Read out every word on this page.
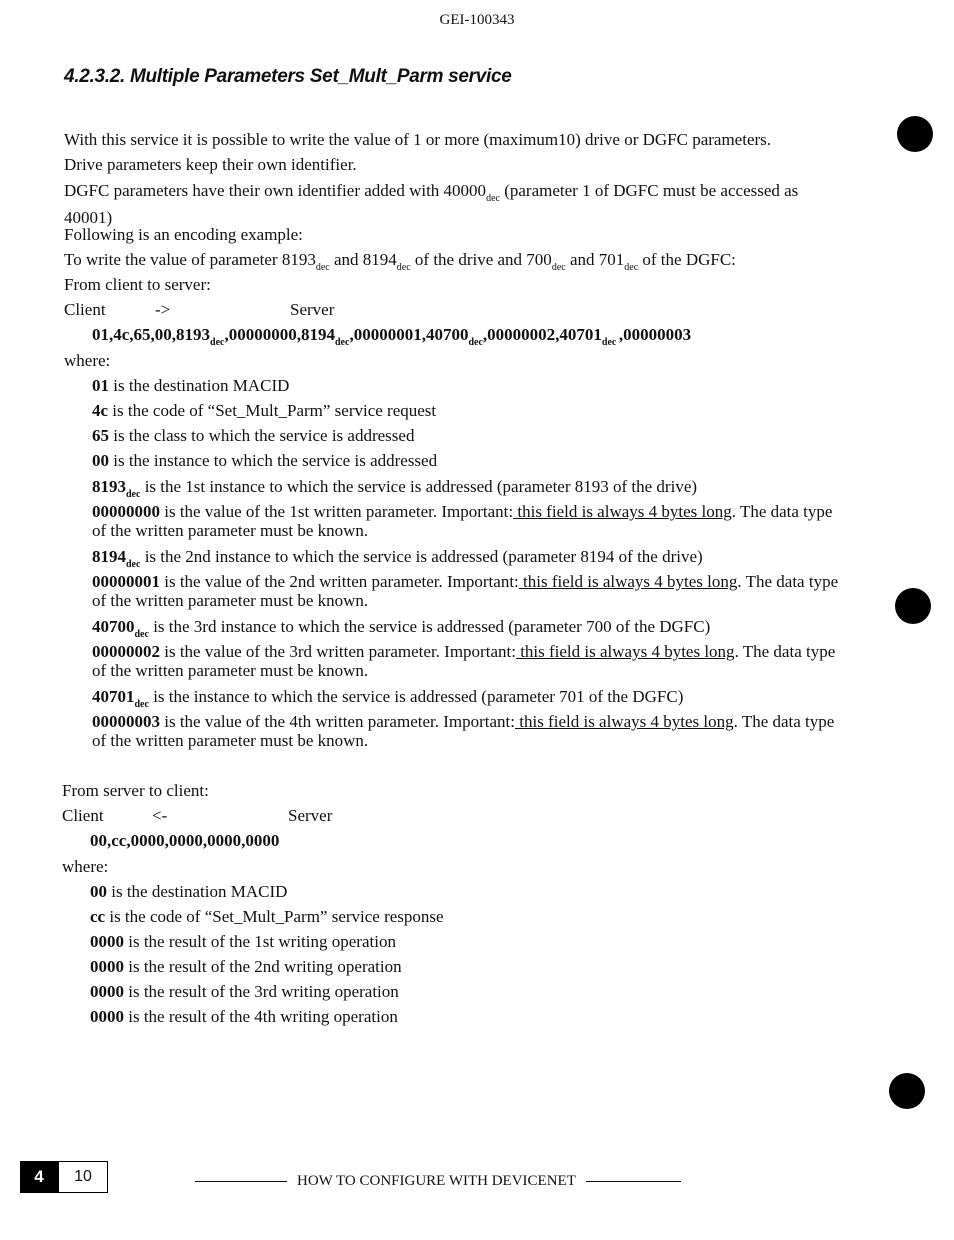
GEI-100343
4.2.3.2. Multiple Parameters Set_Mult_Parm service
With this service it is possible to write the value of 1 or more (maximum10) drive or DGFC parameters.
Drive parameters keep their own identifier.
DGFC parameters have their own identifier added with $40000_{dec}$ (parameter 1 of DGFC must be accessed as 40001)
Following is an encoding example:
To write the value of parameter $8193_{dec}$ and $8194_{dec}$ of the drive and $700_{dec}$ and $701_{dec}$ of the DGFC:
From client to server:
Client	->	Server
$01,4c,65,00,8193_{dec},00000000,8194_{dec},00000001,40700_{dec},00000002,40701_{dec}$ ,00000003
where:
01 is the destination MACID
4c is the code of “Set_Mult_Parm” service request
65 is the class to which the service is addressed
00 is the instance to which the service is addressed
$8193_{dec}$ is the 1st instance to which the service is addressed (parameter 8193 of the drive)
00000000 is the value of the 1st written parameter. Important: this field is always 4 bytes long. The data type of the written parameter must be known.
$8194_{dec}$ is the 2nd instance to which the service is addressed (parameter 8194 of the drive)
00000001 is the value of the 2nd written parameter. Important: this field is always 4 bytes long. The data type of the written parameter must be known.
$40700_{dec}$ is the 3rd instance to which the service is addressed (parameter 700 of the DGFC)
00000002 is the value of the 3rd written parameter. Important: this field is always 4 bytes long. The data type of the written parameter must be known.
$40701_{dec}$ is the instance to which the service is addressed (parameter 701 of the DGFC)
00000003 is the value of the 4th written parameter. Important: this field is always 4 bytes long. The data type of the written parameter must be known.
From server to client:
Client	<-	Server
00,cc,0000,0000,0000,0000
where:
00 is the destination MACID
cc is the code of “Set_Mult_Parm” service response
0000 is the result of the 1st writing operation
0000 is the result of the 2nd writing operation
0000 is the result of the 3rd writing operation
0000 is the result of the 4th writing operation
4	10	HOW TO CONFIGURE WITH DEVICENET
